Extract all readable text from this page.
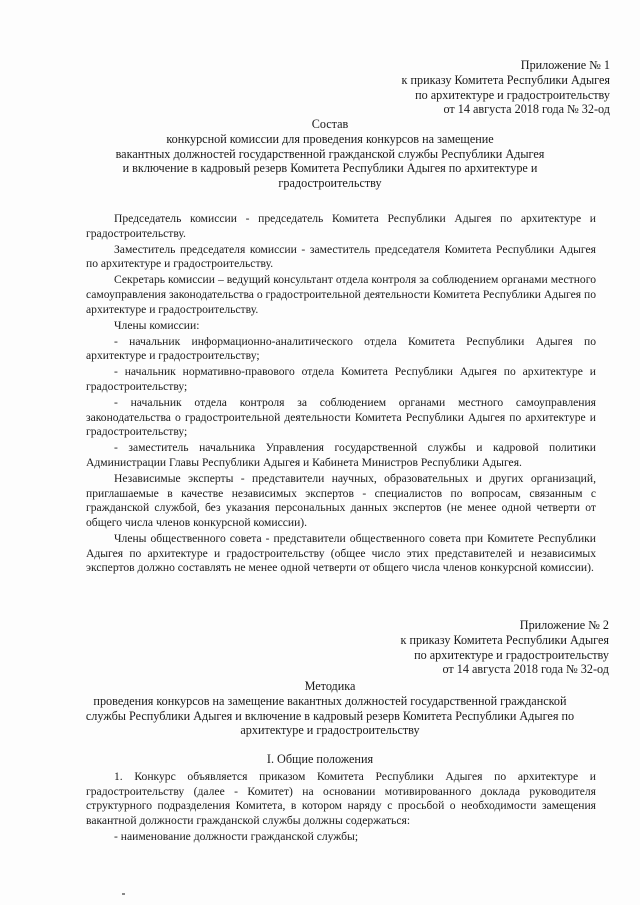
Приложение № 1
к приказу Комитета Республики Адыгея
по архитектуре и градостроительству
от 14 августа 2018 года № 32-од
Состав
конкурсной комиссии для проведения конкурсов на замещение
вакантных должностей государственной гражданской службы Республики Адыгея
и включение в кадровый резерв Комитета Республики Адыгея по архитектуре и
градостроительству

Председатель комиссии - председатель Комитета Республики Адыгея по архитектуре и градостроительству.

Заместитель председателя комиссии - заместитель председателя Комитета Республики Адыгея по архитектуре и градостроительству.

Секретарь комиссии – ведущий консультант отдела контроля за соблюдением органами местного самоуправления законодательства о градостроительной деятельности Комитета Республики Адыгея по архитектуре и градостроительству.

Члены комиссии:

- начальник информационно-аналитического отдела Комитета Республики Адыгея по архитектуре и градостроительству;

- начальник нормативно-правового отдела Комитета Республики Адыгея по архитектуре и градостроительству;

- начальник отдела контроля за соблюдением органами местного самоуправления законодательства о градостроительной деятельности Комитета Республики Адыгея по архитектуре и градостроительству;

- заместитель начальника Управления государственной службы и кадровой политики Администрации Главы Республики Адыгея и Кабинета Министров Республики Адыгея.

Независимые эксперты - представители научных, образовательных и других организаций, приглашаемые в качестве независимых экспертов - специалистов по вопросам, связанным с гражданской службой, без указания персональных данных экспертов (не менее одной четверти от общего числа членов конкурсной комиссии).

Члены общественного совета - представители общественного совета при Комитете Республики Адыгея по архитектуре и градостроительству (общее число этих представителей и независимых экспертов должно составлять не менее одной четверти от общего числа членов конкурсной комиссии).

Приложение № 2
к приказу Комитета Республики Адыгея
по архитектуре и градостроительству
от 14 августа 2018 года № 32-од
Методика
проведения конкурсов на замещение вакантных должностей государственной гражданской
службы Республики Адыгея и включение в кадровый резерв Комитета Республики Адыгея по
архитектуре и градостроительству
I. Общие положения

1. Конкурс объявляется приказом Комитета Республики Адыгея по архитектуре и градостроительству (далее - Комитет) на основании мотивированного доклада руководителя структурного подразделения Комитета, в котором наряду с просьбой о необходимости замещения вакантной должности гражданской службы должны содержаться:

- наименование должности гражданской службы;
